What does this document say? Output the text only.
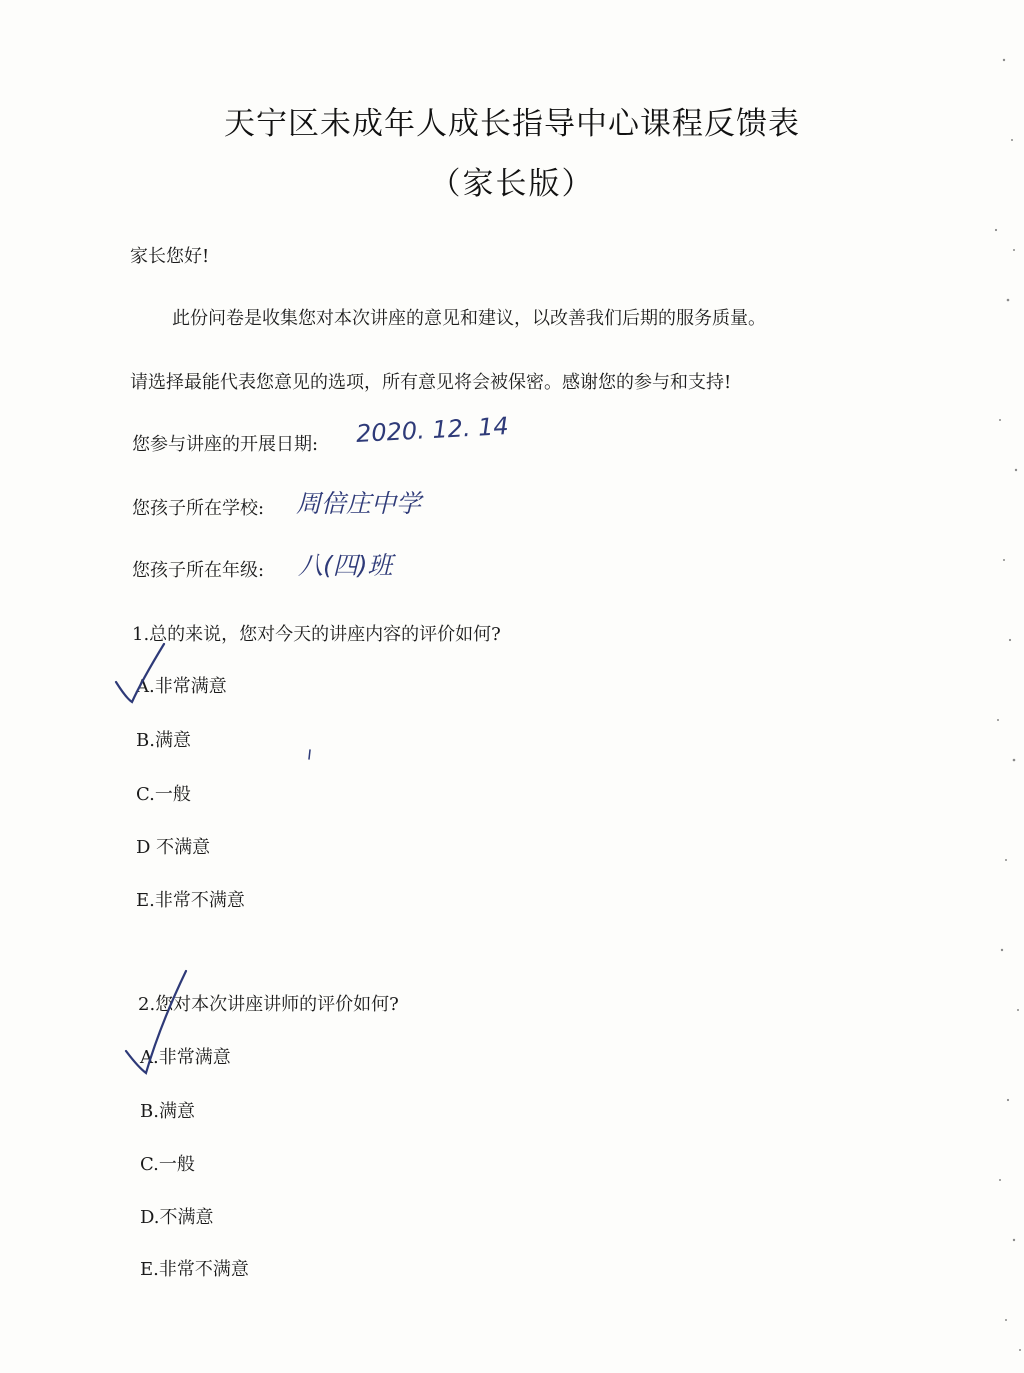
天宁区未成年人成长指导中心课程反馈表
（家长版）
家长您好!
此份问卷是收集您对本次讲座的意见和建议，以改善我们后期的服务质量。
请选择最能代表您意见的选项，所有意见将会被保密。感谢您的参与和支持!
您参与讲座的开展日期: 2020. 12. 14
您孩子所在学校: 周倍庄中学
您孩子所在年级: 八(四)班
1.总的来说，您对今天的讲座内容的评价如何?
A.非常满意
B.满意
C.一般
D 不满意
E.非常不满意
2.您对本次讲座讲师的评价如何?
A.非常满意
B.满意
C.一般
D.不满意
E.非常不满意
